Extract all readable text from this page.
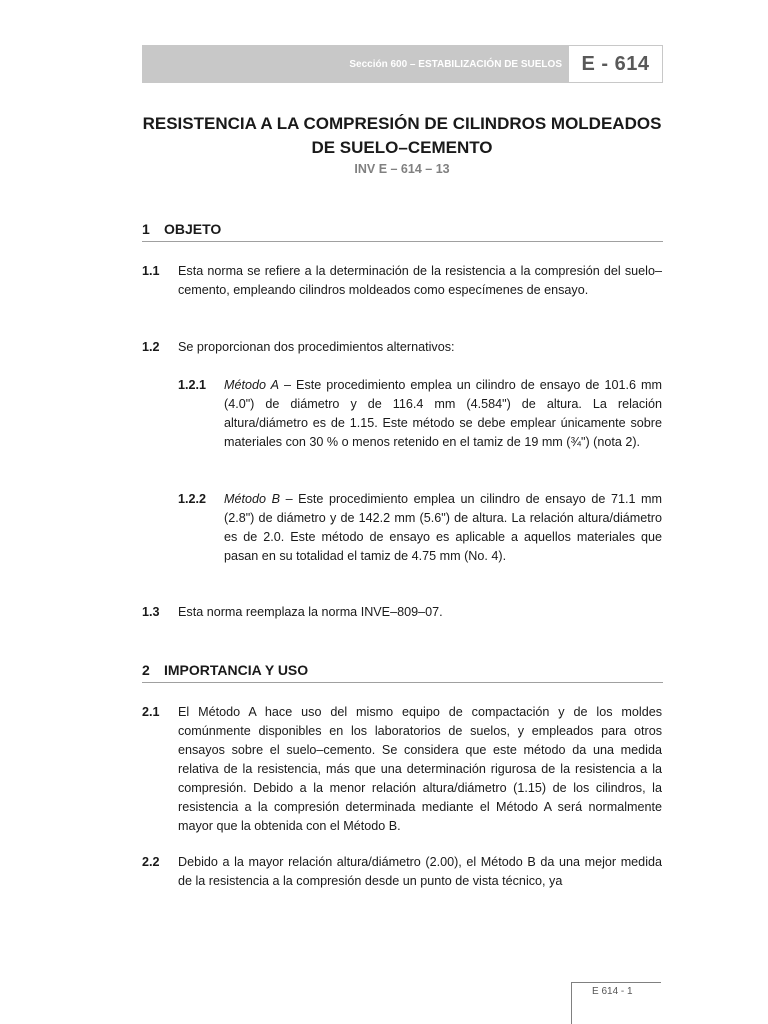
Sección 600 – ESTABILIZACIÓN DE SUELOS E - 614
RESISTENCIA A LA COMPRESIÓN DE CILINDROS MOLDEADOS
DE SUELO–CEMENTO
INV E – 614 – 13
1 OBJETO
1.1 Esta norma se refiere a la determinación de la resistencia a la compresión del suelo–cemento, empleando cilindros moldeados como especímenes de ensayo.
1.2 Se proporcionan dos procedimientos alternativos:
1.2.1 Método A – Este procedimiento emplea un cilindro de ensayo de 101.6 mm (4.0") de diámetro y de 116.4 mm (4.584") de altura. La relación altura/diámetro es de 1.15. Este método se debe emplear únicamente sobre materiales con 30 % o menos retenido en el tamiz de 19 mm (¾") (nota 2).
1.2.2 Método B – Este procedimiento emplea un cilindro de ensayo de 71.1 mm (2.8") de diámetro y de 142.2 mm (5.6") de altura. La relación altura/diámetro es de 2.0. Este método de ensayo es aplicable a aquellos materiales que pasan en su totalidad el tamiz de 4.75 mm (No. 4).
1.3 Esta norma reemplaza la norma INVE–809–07.
2 IMPORTANCIA Y USO
2.1 El Método A hace uso del mismo equipo de compactación y de los moldes comúnmente disponibles en los laboratorios de suelos, y empleados para otros ensayos sobre el suelo–cemento. Se considera que este método da una medida relativa de la resistencia, más que una determinación rigurosa de la resistencia a la compresión. Debido a la menor relación altura/diámetro (1.15) de los cilindros, la resistencia a la compresión determinada mediante el Método A será normalmente mayor que la obtenida con el Método B.
2.2 Debido a la mayor relación altura/diámetro (2.00), el Método B da una mejor medida de la resistencia a la compresión desde un punto de vista técnico, ya
E 614 - 1
